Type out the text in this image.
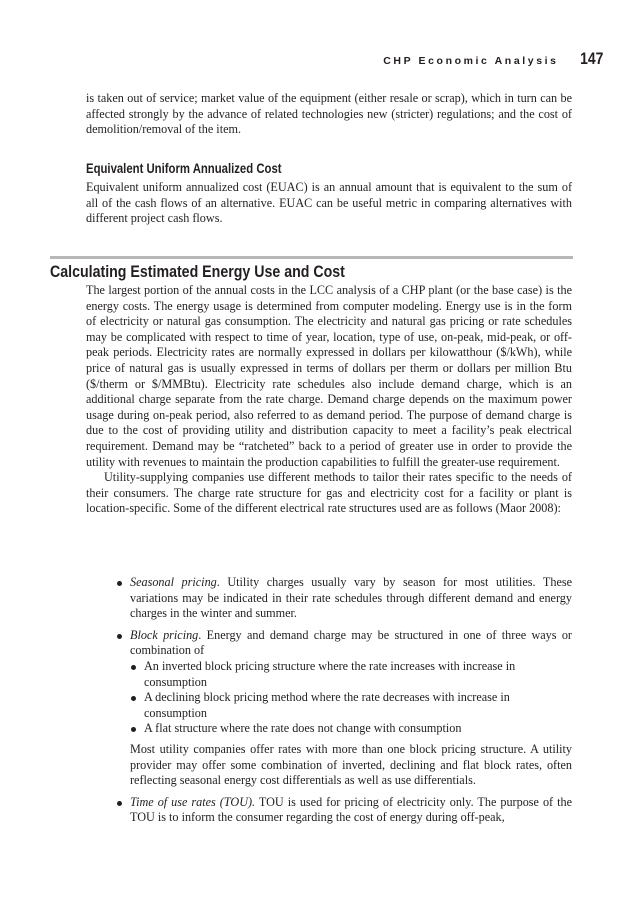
CHP Economic Analysis 147

is taken out of service; market value of the equipment (either resale or scrap), which in turn can be affected strongly by the advance of related technologies new (stricter) regulations; and the cost of demolition/removal of the item.

Equivalent Uniform Annualized Cost

Equivalent uniform annualized cost (EUAC) is an annual amount that is equivalent to the sum of all of the cash flows of an alternative. EUAC can be useful metric in comparing alternatives with different project cash flows.

Calculating Estimated Energy Use and Cost

The largest portion of the annual costs in the LCC analysis of a CHP plant (or the base case) is the energy costs. The energy usage is determined from computer modeling. Energy use is in the form of electricity or natural gas consumption. The electricity and natural gas pricing or rate schedules may be complicated with respect to time of year, location, type of use, on-peak, mid-peak, or off-peak periods. Electricity rates are normally expressed in dollars per kilowatthour ($/kWh), while price of natural gas is usually expressed in terms of dollars per therm or dollars per million Btu ($/therm or $/MMBtu). Electricity rate schedules also include demand charge, which is an additional charge separate from the rate charge. Demand charge depends on the maximum power usage during on-peak period, also referred to as demand period. The purpose of demand charge is due to the cost of providing utility and distribution capacity to meet a facility’s peak electrical requirement. Demand may be “ratcheted” back to a period of greater use in order to provide the utility with revenues to maintain the production capabilities to fulfill the greater-use requirement.

Utility-supplying companies use different methods to tailor their rates specific to the needs of their consumers. The charge rate structure for gas and electricity cost for a facility or plant is location-specific. Some of the different electrical rate structures used are as follows (Maor 2008):

Seasonal pricing. Utility charges usually vary by season for most utilities. These variations may be indicated in their rate schedules through different demand and energy charges in the winter and summer.

Block pricing. Energy and demand charge may be structured in one of three ways or combination of

An inverted block pricing structure where the rate increases with increase in consumption

A declining block pricing method where the rate decreases with increase in consumption

A flat structure where the rate does not change with consumption

Most utility companies offer rates with more than one block pricing structure. A utility provider may offer some combination of inverted, declining and flat block rates, often reflecting seasonal energy cost differentials as well as use differentials.

Time of use rates (TOU). TOU is used for pricing of electricity only. The purpose of the TOU is to inform the consumer regarding the cost of energy during off-peak,
